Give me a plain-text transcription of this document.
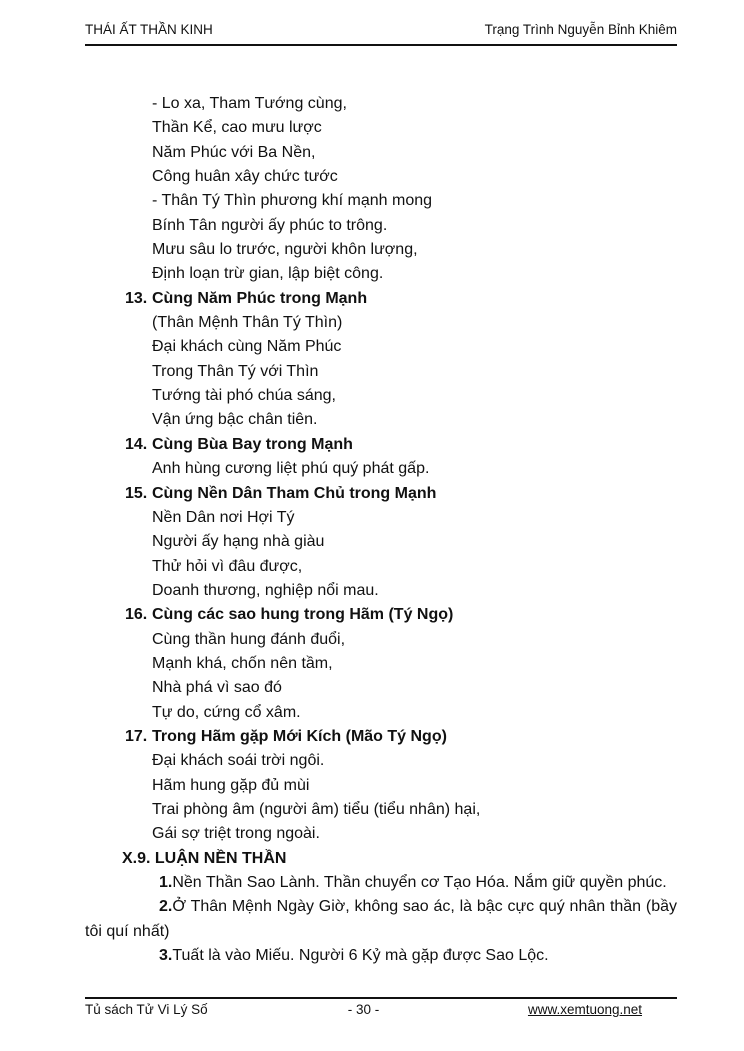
THÁI ẤT THẦN KINH	Trạng Trình Nguyễn Bỉnh Khiêm
- Lo xa, Tham Tướng cùng,
Thần Kể, cao mưu lược
Năm Phúc với Ba Nền,
Công huân xây chức tước
- Thân Tý Thìn phương khí mạnh mong
Bính Tân người ấy phúc to trông.
Mưu sâu lo trước, người khôn lượng,
Định loạn trừ gian, lập biệt công.
13. Cùng Năm Phúc trong Mạnh
(Thân Mệnh Thân Tý Thìn)
Đại khách cùng Năm Phúc
Trong Thân Tý với Thìn
Tướng tài phó chúa sáng,
Vận ứng bậc chân tiên.
14. Cùng Bùa Bay trong Mạnh
Anh hùng cương liệt phú quý phát gấp.
15. Cùng Nền Dân Tham Chủ trong Mạnh
Nền Dân nơi Hợi Tý
Người ấy hạng nhà giàu
Thử hỏi vì đâu được,
Doanh thương, nghiệp nổi mau.
16. Cùng các sao hung trong Hãm (Tý Ngọ)
Cùng thần hung đánh đuổi,
Mạnh khá, chốn nên tầm,
Nhà phá vì sao đó
Tự do, cứng cổ xâm.
17. Trong Hãm gặp Mới Kích (Mão Tý Ngọ)
Đại khách soái trời ngôi.
Hãm hung gặp đủ mùi
Trai phòng âm (người âm) tiểu (tiểu nhân) hại,
Gái sợ triệt trong ngoài.
X.9. LUẬN NỀN THẦN

1.Nền Thần Sao Lành. Thần chuyển cơ Tạo Hóa. Nắm giữ quyền phúc.

2.Ở Thân Mệnh Ngày Giờ, không sao ác, là bậc cực quý nhân thần (bầy tôi quí nhất)

3.Tuất là vào Miếu. Người 6 Kỷ mà gặp được Sao Lộc.

Tủ sách Tử Vi Lý Số	- 30 -	www.xemtuong.net
